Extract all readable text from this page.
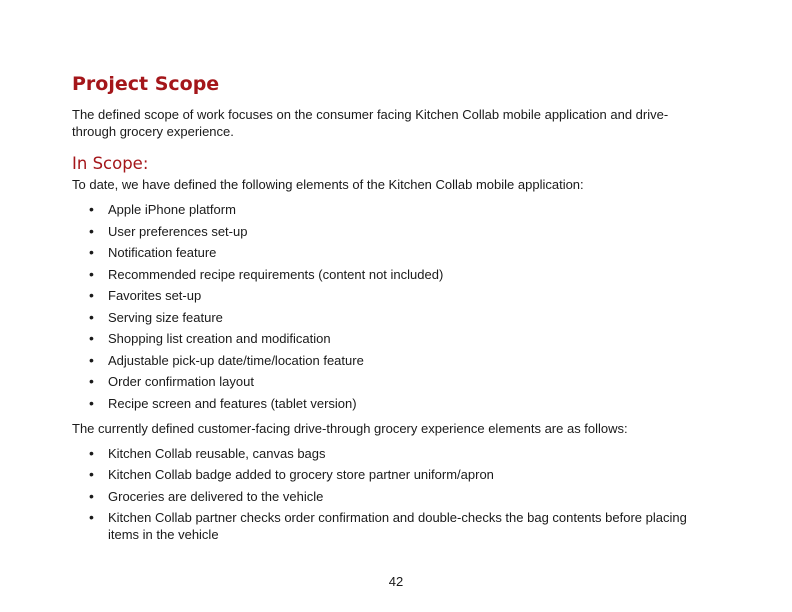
Project Scope

The defined scope of work focuses on the consumer facing Kitchen Collab mobile application and drive-through grocery experience.

In Scope:

To date, we have defined the following elements of the Kitchen Collab mobile application:

• Apple iPhone platform
• User preferences set-up
• Notification feature
• Recommended recipe requirements (content not included)
• Favorites set-up
• Serving size feature
• Shopping list creation and modification
• Adjustable pick-up date/time/location feature
• Order confirmation layout
• Recipe screen and features (tablet version)

The currently defined customer-facing drive-through grocery experience elements are as follows:

• Kitchen Collab reusable, canvas bags
• Kitchen Collab badge added to grocery store partner uniform/apron
• Groceries are delivered to the vehicle
• Kitchen Collab partner checks order confirmation and double-checks the bag contents before placing items in the vehicle
42
